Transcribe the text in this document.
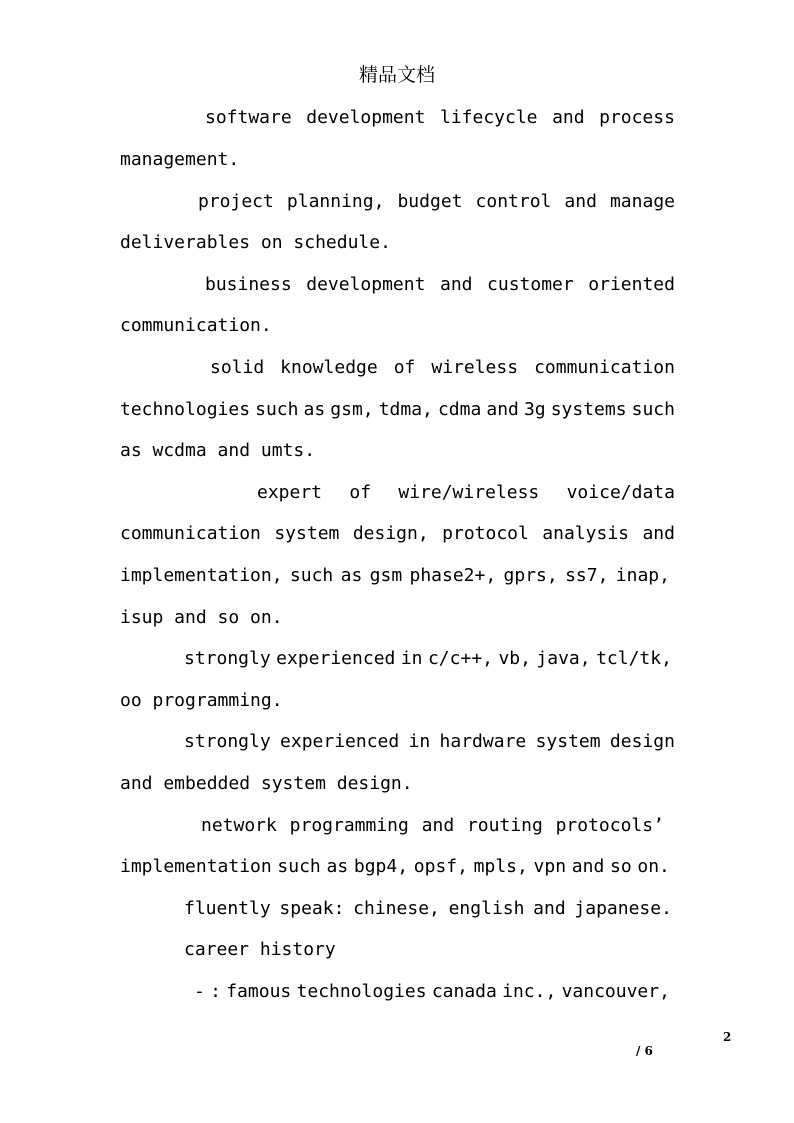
精品文档
software development lifecycle and process
management.
project planning, budget control and manage
deliverables on schedule.
business development and customer oriented
communication.
solid knowledge of wireless communication
technologies such as gsm, tdma, cdma and 3g systems such
as wcdma and umts.
expert of wire/wireless voice/data
communication system design, protocol analysis and
implementation, such as gsm phase2+, gprs, ss7, inap,
isup and so on.
strongly experienced in c/c++, vb, java, tcl/tk,
oo programming.
strongly experienced in hardware system design
and embedded system design.
network programming and routing protocols’
implementation such as bgp4, opsf, mpls, vpn and so on.
fluently speak: chinese, english and japanese.
career history
- : famous technologies canada inc., vancouver,
2
/ 6
